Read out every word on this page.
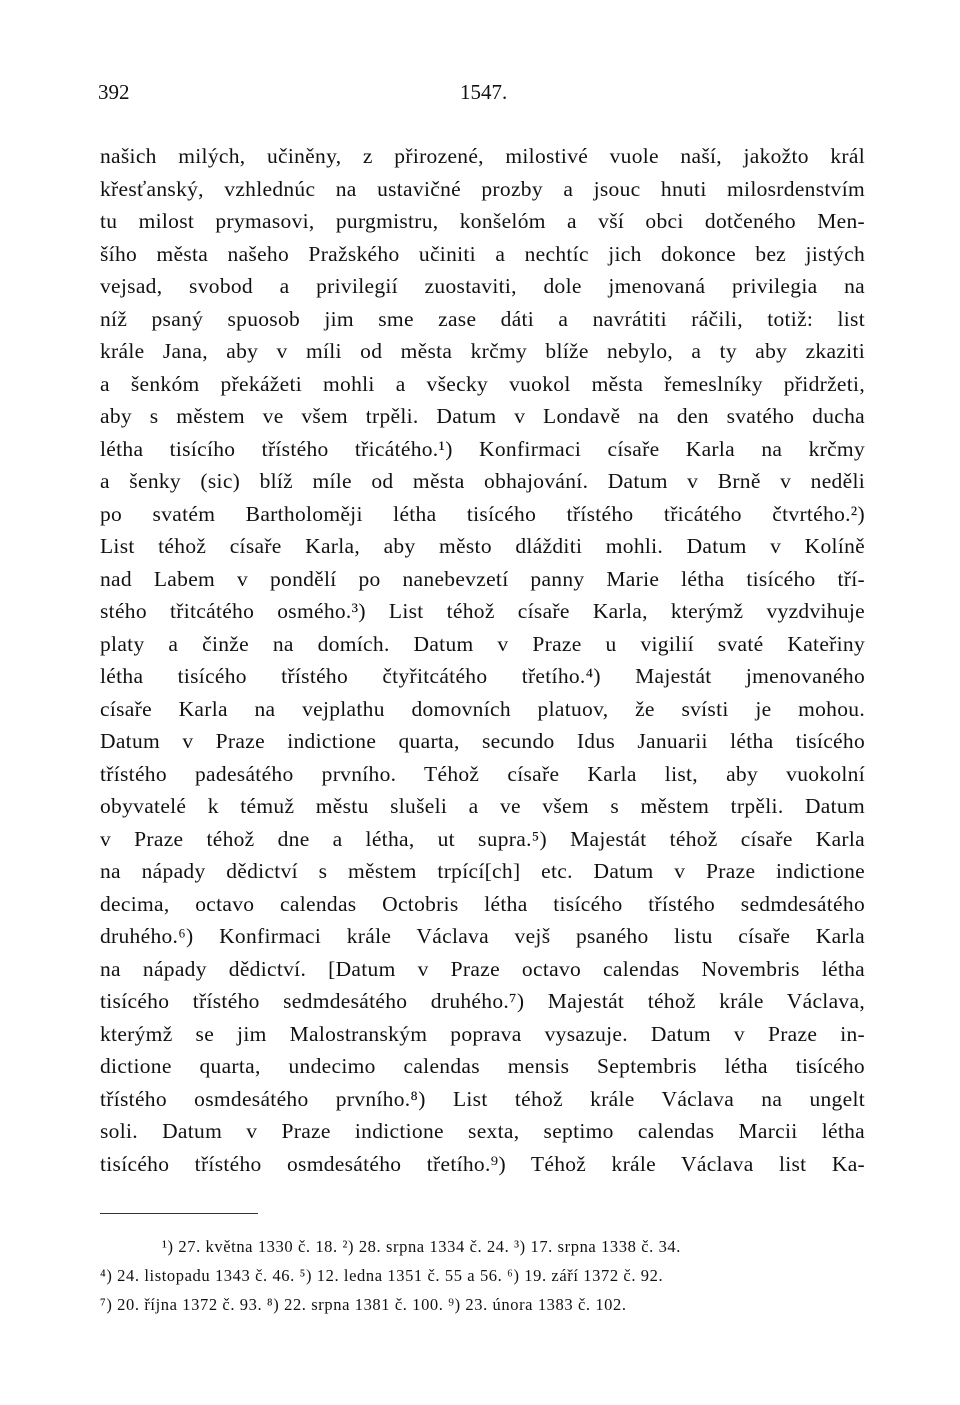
392	1547.
našich milých, učiněny, z přirozené, milostivé vuole naší, jakožto král
křesťanský, vzhlednúc na ustavičné prozby a jsouc hnuti milosrdenstvím
tu milost prymasovi, purgmistru, konšelóm a vší obci dotčeného Men-
šího města našeho Pražského učiniti a nechtíc jich dokonce bez jistých
vejsad, svobod a privilegií zuostaviti, dole jmenovaná privilegia na
níž psaný spuosob jim sme zase dáti a navrátiti ráčili, totiž: list
krále Jana, aby v míli od města krčmy blíže nebylo, a ty aby zkaziti
a šenkóm překážeti mohli a všecky vuokol města řemeslníky přidržeti,
aby s městem ve všem trpěli. Datum v Londavě na den svatého ducha
létha tisícího třístého třicátého.¹) Konfirmaci císaře Karla na krčmy
a šenky (sic) blíž míle od města obhajování. Datum v Brně v neděli
po svatém Bartholoměji létha tisícého třístého třicátého čtvrtého.²)
List téhož císaře Karla, aby město dlážditi mohli. Datum v Kolíně
nad Labem v pondělí po nanebevzetí panny Marie létha tisícého tří-
stého třitcátého osmého.³) List téhož císaře Karla, kterýmž vyzdvihuje
platy a činže na domích. Datum v Praze u vigilií svaté Kateřiny
létha tisícého třístého čtyřitcátého třetího.⁴) Majestát jmenovaného
císaře Karla na vejplathu domovních platuov, že svísti je mohou.
Datum v Praze indictione quarta, secundo Idus Januarii létha tisícého
třístého padesátého prvního. Téhož císaře Karla list, aby vuokolní
obyvatelé k témuž městu slušeli a ve všem s městem trpěli. Datum
v Praze téhož dne a létha, ut supra.⁵) Majestát téhož císaře Karla
na nápady dědictví s městem trpící[ch] etc. Datum v Praze indictione
decima, octavo calendas Octobris létha tisícého třístého sedmdesátého
druhého.⁶) Konfirmaci krále Václava vejš psaného listu císaře Karla
na nápady dědictví. [Datum v Praze octavo calendas Novembris létha
tisícého třístého sedmdesátého druhého.⁷) Majestát téhož krále Václava,
kterýmž se jim Malostranským poprava vysazuje. Datum v Praze in-
dictione quarta, undecimo calendas mensis Septembris létha tisícého
třístého osmdesátého prvního.⁸) List téhož krále Václava na ungelt
soli. Datum v Praze indictione sexta, septimo calendas Marcii létha
tisícého třístého osmdesátého třetího.⁹) Téhož krále Václava list Ka-
¹) 27. května 1330 č. 18. ²) 28. srpna 1334 č. 24. ³) 17. srpna 1338 č. 34.
⁴) 24. listopadu 1343 č. 46. ⁵) 12. ledna 1351 č. 55 a 56. ⁶) 19. září 1372 č. 92.
⁷) 20. října 1372 č. 93. ⁸) 22. srpna 1381 č. 100. ⁹) 23. února 1383 č. 102.
